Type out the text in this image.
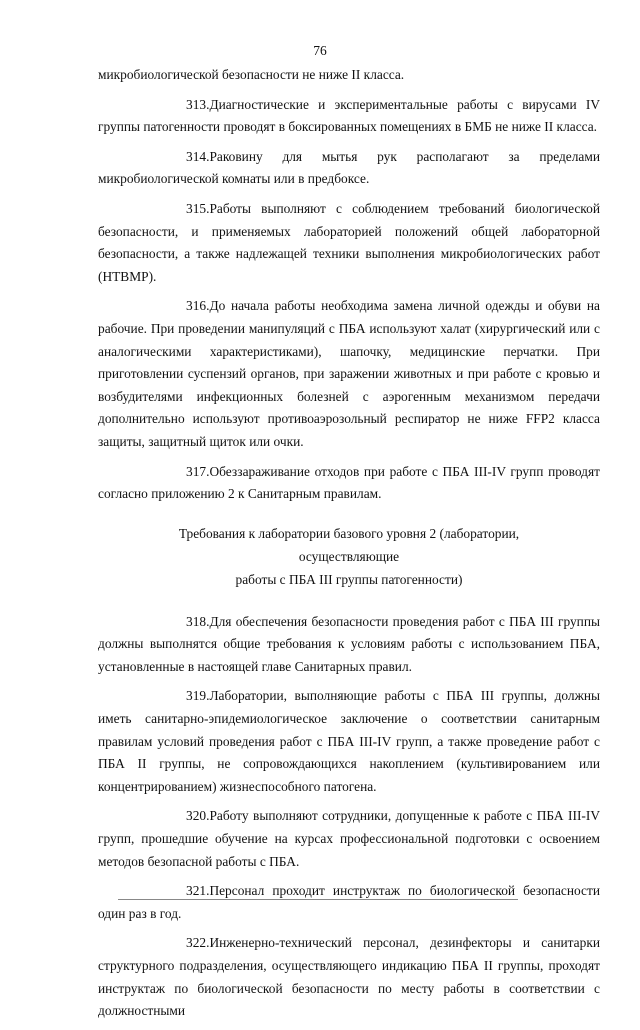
76

микробиологической безопасности не ниже II класса.

313.Диагностические и экспериментальные работы с вирусами IV группы патогенности проводят в боксированных помещениях в БМБ не ниже II класса.

314.Раковину для мытья рук располагают за пределами микробиологической комнаты или в предбоксе.

315.Работы выполняют с соблюдением требований биологической безопасности, и применяемых лабораторией положений общей лабораторной безопасности, а также надлежащей техники выполнения микробиологических работ (НТВМР).

316.До начала работы необходима замена личной одежды и обуви на рабочие. При проведении манипуляций с ПБА используют халат (хирургический или с аналогическими характеристиками), шапочку, медицинские перчатки. При приготовлении суспензий органов, при заражении животных и при работе с кровью и возбудителями инфекционных болезней с аэрогенным механизмом передачи дополнительно используют противоаэрозольный респиратор не ниже FFP2 класса защиты, защитный щиток или очки.

317.Обеззараживание отходов при работе с ПБА III-IV групп проводят согласно приложению 2 к Санитарным правилам.

Требования к лаборатории базового уровня 2 (лаборатории, осуществляющие
работы с ПБА III группы патогенности)

318.Для обеспечения безопасности проведения работ с ПБА III группы должны выполнятся общие требования к условиям работы с использованием ПБА, установленные в настоящей главе Санитарных правил.

319.Лаборатории, выполняющие работы с ПБА III группы, должны иметь санитарно-эпидемиологическое заключение о соответствии санитарным правилам условий проведения работ с ПБА III-IV групп, а также проведение работ с ПБА II группы, не сопровождающихся накоплением (культивированием или концентрированием) жизнеспособного патогена.

320.Работу выполняют сотрудники, допущенные к работе с ПБА III-IV групп, прошедшие обучение на курсах профессиональной подготовки с освоением методов безопасной работы с ПБА.

321.Персонал проходит инструктаж по биологической безопасности один раз в год.

322.Инженерно-технический персонал, дезинфекторы и санитарки структурного подразделения, осуществляющего индикацию ПБА II группы, проходят инструктаж по биологической безопасности по месту работы в соответствии с должностными
